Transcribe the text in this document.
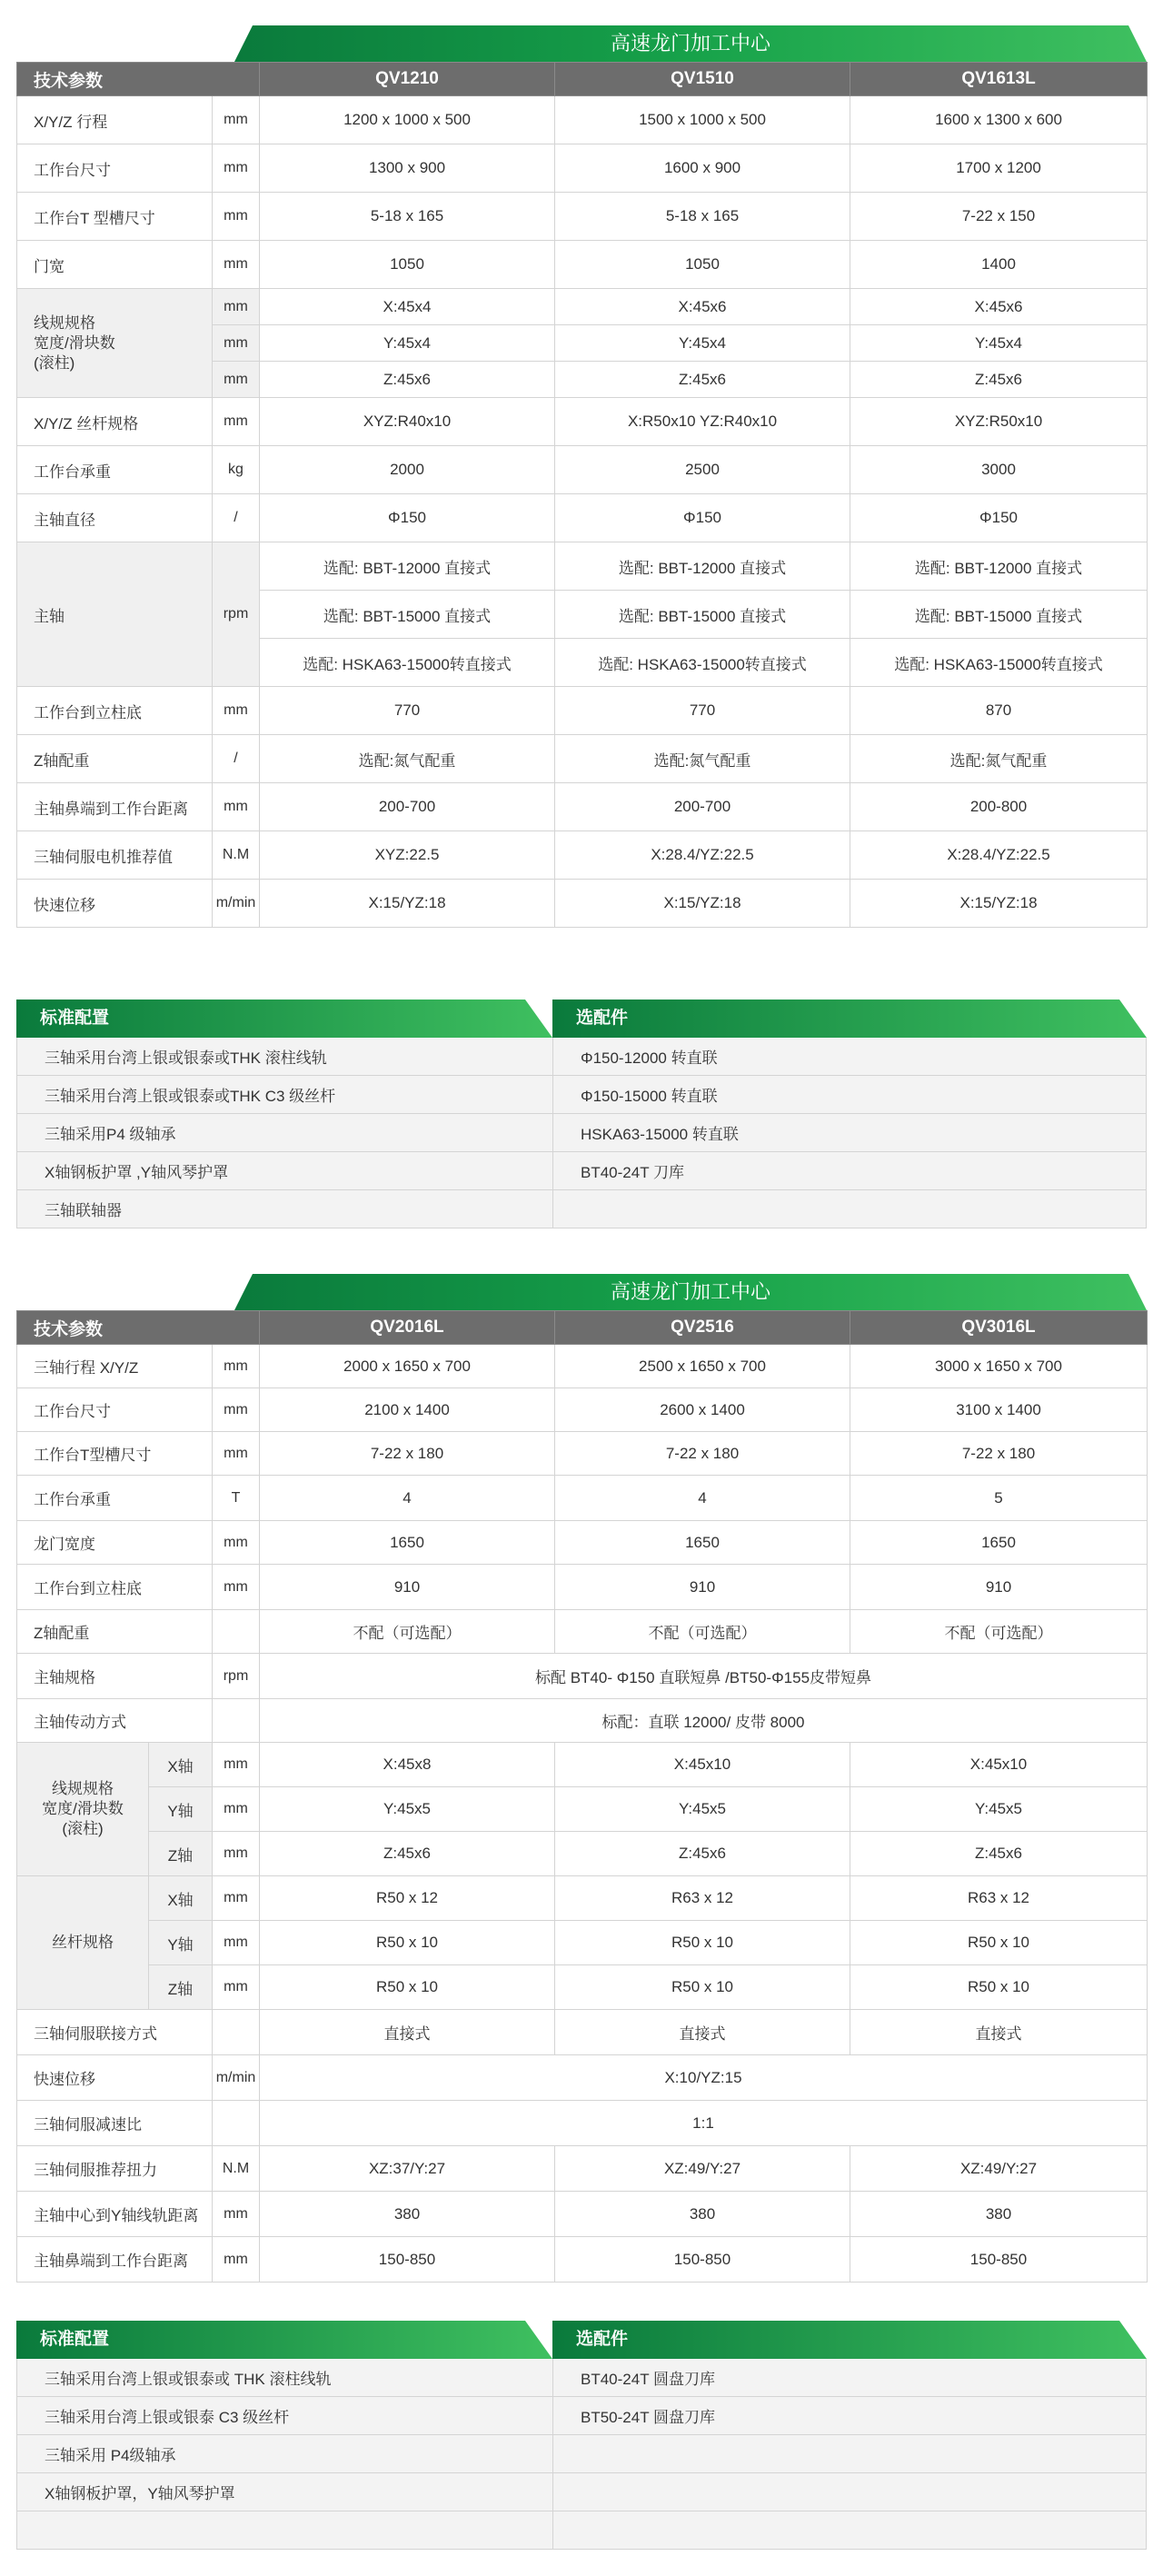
高速龙门加工中心
技术参数		QV1210	QV1510	QV1613L
X/Y/Z 行程	mm	1200 x 1000 x 500	1500 x 1000 x 500	1600 x 1300 x 600
工作台尺寸	mm	1300 x 900	1600 x 900	1700 x 1200
工作台T 型槽尺寸	mm	5-18 x 165	5-18 x 165	7-22 x 150
门宽	mm	1050	1050	1400

线规规格
宽度/滑块数
(滚柱)	mm	X:45x4	X:45x6	X:45x6
	mm	Y:45x4	Y:45x4	Y:45x4
	mm	Z:45x6	Z:45x6	Z:45x6
X/Y/Z 丝杆规格	mm	XYZ:R40x10	X:R50x10 YZ:R40x10	XYZ:R50x10
工作台承重	kg	2000	2500	3000
主轴直径	/	Φ150	Φ150	Φ150
主轴	rpm	选配: BBT-12000 直接式	选配: BBT-12000 直接式	选配: BBT-12000 直接式
		选配: BBT-15000 直接式	选配: BBT-15000 直接式	选配: BBT-15000 直接式
		选配: HSKA63-15000转直接式	选配: HSKA63-15000转直接式	选配: HSKA63-15000转直接式
工作台到立柱底	mm	770	770	870
Z轴配重	/	选配:氮气配重	选配:氮气配重	选配:氮气配重
主轴鼻端到工作台距离	mm	200-700	200-700	200-800
三轴伺服电机推荐值	N.M	XYZ:22.5	X:28.4/YZ:22.5	X:28.4/YZ:22.5
快速位移	m/min	X:15/YZ:18	X:15/YZ:18	X:15/YZ:18
标准配置	选配件
三轴采用台湾上银或银泰或THK 滚柱线轨	Φ150-12000 转直联
三轴采用台湾上银或银泰或THK C3 级丝杆	Φ150-15000 转直联
三轴采用P4 级轴承	HSKA63-15000 转直联
X轴钢板护罩 ,Y轴风琴护罩	BT40-24T 刀库
三轴联轴器
高速龙门加工中心
技术参数			QV2016L	QV2516	QV3016L
三轴行程 X/Y/Z		mm	2000 x 1650 x 700	2500 x 1650 x 700	3000 x 1650 x 700
工作台尺寸		mm	2100 x 1400	2600 x 1400	3100 x 1400
工作台T型槽尺寸		mm	7-22 x 180	7-22 x 180	7-22 x 180
工作台承重		T	4	4	5
龙门宽度		mm	1650	1650	1650
工作台到立柱底		mm	910	910	910
Z轴配重			不配（可选配）	不配（可选配）	不配（可选配）
主轴规格		rpm	标配 BT40- Φ150 直联短鼻 /BT50-Φ155皮带短鼻		
主轴传动方式			标配：直联 12000/ 皮带 8000		

线规规格
宽度/滑块数
(滚柱)	X轴	mm	X:45x8	X:45x10	X:45x10
	Y轴	mm	Y:45x5	Y:45x5	Y:45x5
	Z轴	mm	Z:45x6	Z:45x6	Z:45x6
丝杆规格	X轴	mm	R50 x 12	R63 x 12	R63 x 12
	Y轴	mm	R50 x 10	R50 x 10	R50 x 10
	Z轴	mm	R50 x 10	R50 x 10	R50 x 10
三轴伺服联接方式			直接式	直接式	直接式
快速位移		m/min	X:10/YZ:15		
三轴伺服减速比			1:1		
三轴伺服推荐扭力		N.M	XZ:37/Y:27	XZ:49/Y:27	XZ:49/Y:27
主轴中心到Y轴线轨距离		mm	380	380	380
主轴鼻端到工作台距离		mm	150-850	150-850	150-850
标准配置	选配件
三轴采用台湾上银或银泰或 THK 滚柱线轨	BT40-24T 圆盘刀库
三轴采用台湾上银或银泰 C3 级丝杆	BT50-24T 圆盘刀库
三轴采用 P4级轴承
X轴钢板护罩，Y轴风琴护罩
